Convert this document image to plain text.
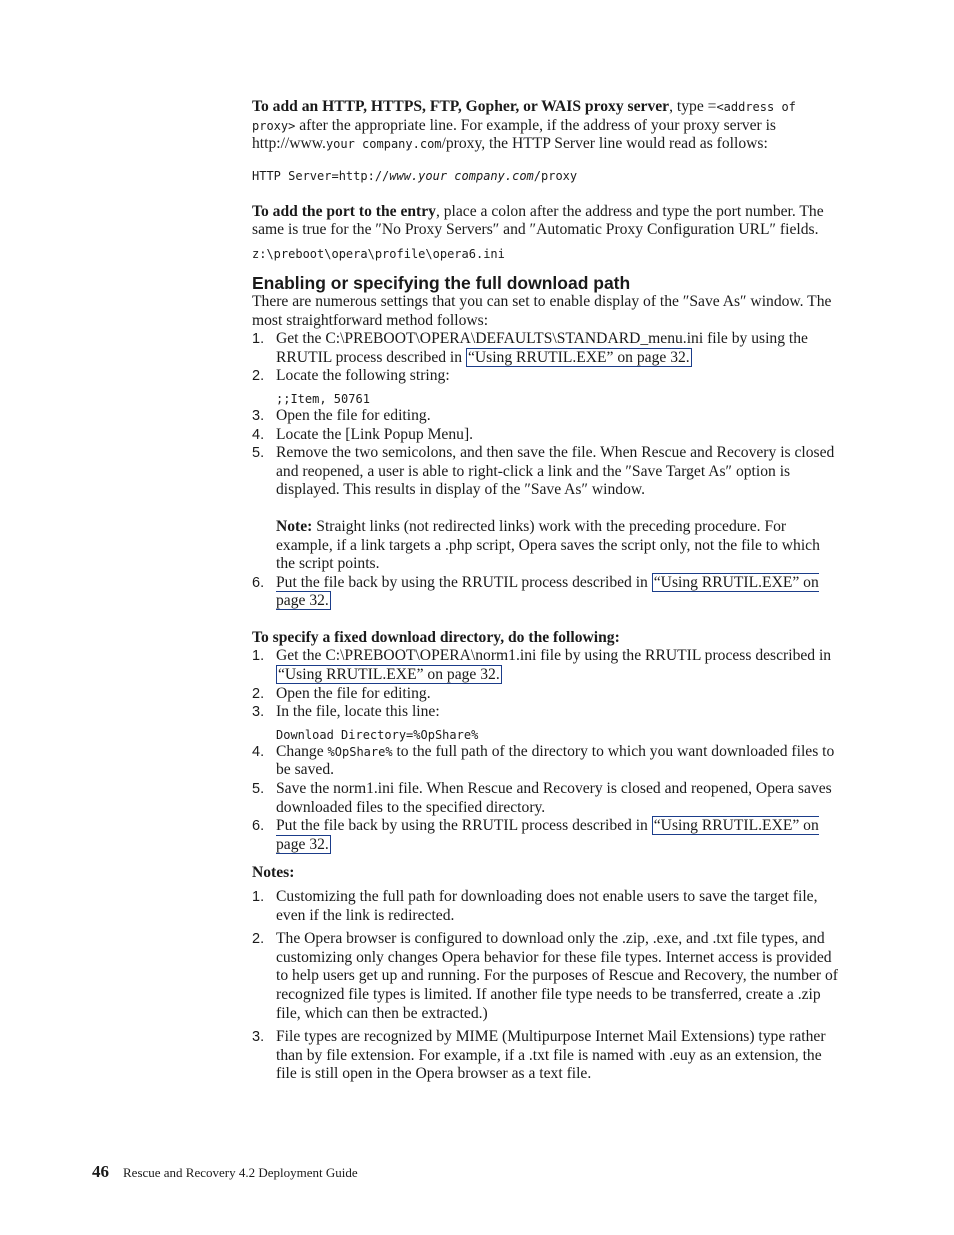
To add an HTTP, HTTPS, FTP, Gopher, or WAIS proxy server, type =<address of proxy> after the appropriate line. For example, if the address of your proxy server is http://www.your company.com/proxy, the HTTP Server line would read as follows:

HTTP Server=http://www.your company.com/proxy

To add the port to the entry, place a colon after the address and type the port number. The same is true for the ″No Proxy Servers″ and ″Automatic Proxy Configuration URL″ fields.

z:\preboot\opera\profile\opera6.ini
Enabling or specifying the full download path

There are numerous settings that you can set to enable display of the ″Save As″ window. The most straightforward method follows:

1. Get the C:\PREBOOT\OPERA\DEFAULTS\STANDARD_menu.ini file by using the RRUTIL process described in “Using RRUTIL.EXE” on page 32.
2. Locate the following string:
;;Item, 50761
3. Open the file for editing.
4. Locate the [Link Popup Menu].
5. Remove the two semicolons, and then save the file. When Rescue and Recovery is closed and reopened, a user is able to right-click a link and the ″Save Target As″ option is displayed. This results in display of the ″Save As″ window.

Note: Straight links (not redirected links) work with the preceding procedure. For example, if a link targets a .php script, Opera saves the script only, not the file to which the script points.

6. Put the file back by using the RRUTIL process described in “Using RRUTIL.EXE” on page 32.

To specify a fixed download directory, do the following:

1. Get the C:\PREBOOT\OPERA\norm1.ini file by using the RRUTIL process described in “Using RRUTIL.EXE” on page 32.
2. Open the file for editing.
3. In the file, locate this line:
Download Directory=%OpShare%
4. Change %OpShare% to the full path of the directory to which you want downloaded files to be saved.
5. Save the norm1.ini file. When Rescue and Recovery is closed and reopened, Opera saves downloaded files to the specified directory.
6. Put the file back by using the RRUTIL process described in “Using RRUTIL.EXE” on page 32.

Notes:

1. Customizing the full path for downloading does not enable users to save the target file, even if the link is redirected.
2. The Opera browser is configured to download only the .zip, .exe, and .txt file types, and customizing only changes Opera behavior for these file types. Internet access is provided to help users get up and running. For the purposes of Rescue and Recovery, the number of recognized file types is limited. If another file type needs to be transferred, create a .zip file, which can then be extracted.)
3. File types are recognized by MIME (Multipurpose Internet Mail Extensions) type rather than by file extension. For example, if a .txt file is named with .euy as an extension, the file is still open in the Opera browser as a text file.
46 Rescue and Recovery 4.2 Deployment Guide
